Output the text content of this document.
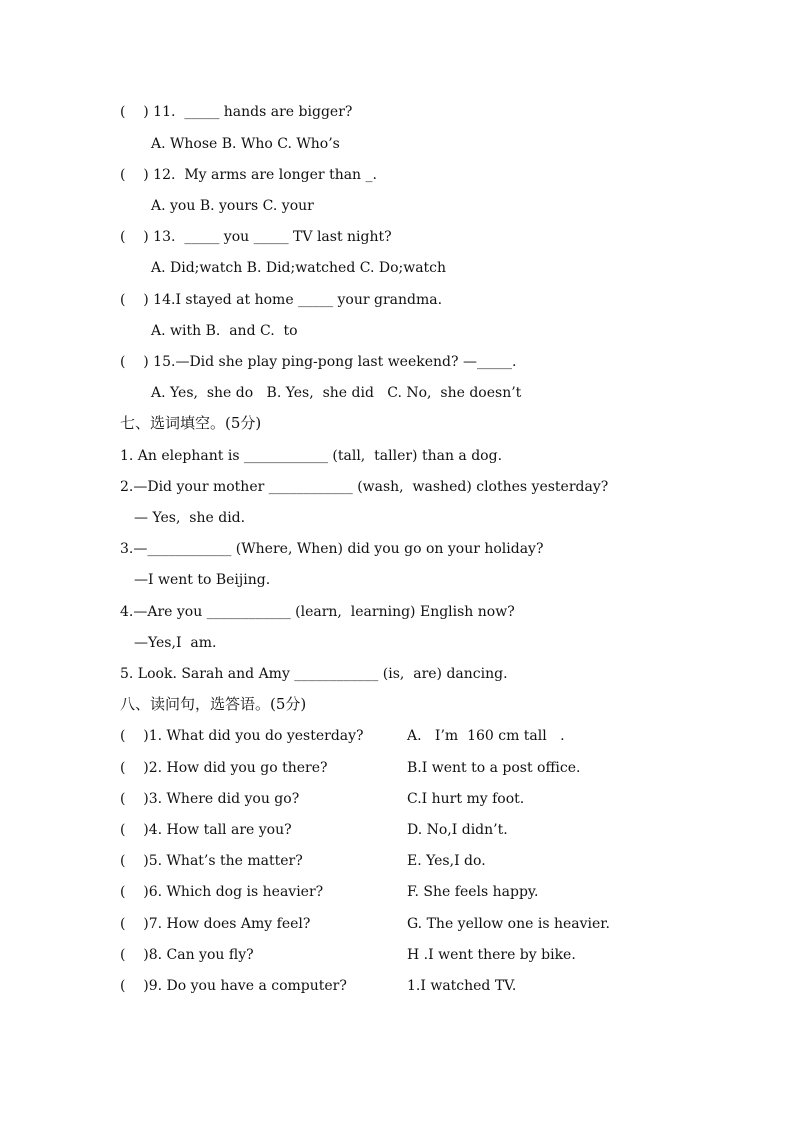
(    ) 11.  _____ hands are bigger?
A. Whose B. Who C. Who’s
(    ) 12.  My arms are longer than _.
A. you B. yours C. your
(    ) 13.  _____ you _____ TV last night?
A. Did;watch B. Did;watched C. Do;watch
(    ) 14.I stayed at home _____ your grandma.
A. with B.  and C.  to
(    ) 15.—Did she play ping-pong last weekend? —_____.
A. Yes,  she do   B. Yes,  she did   C. No,  she doesn’t
七、选词填空。(5分)
1. An elephant is ____________ (tall,  taller) than a dog.
2.—Did your mother ____________ (wash,  washed) clothes yesterday?
— Yes,  she did.
3.—____________ (Where, When) did you go on your holiday?
—I went to Beijing.
4.—Are you ____________ (learn,  learning) English now?
—Yes,I  am.
5. Look. Sarah and Amy ____________ (is,  are) dancing.
八、读问句，选答语。(5分)
(    )1. What did you do yesterday?	A.   I’m  160 cm tall   .
(    )2. How did you go there?	B.I went to a post office.
(    )3. Where did you go?	C.I hurt my foot.
(    )4. How tall are you?	D. No,I didn’t.
(    )5. What’s the matter?	E. Yes,I do.
(    )6. Which dog is heavier?	F. She feels happy.
(    )7. How does Amy feel?	G. The yellow one is heavier.
(    )8. Can you fly?	H .I went there by bike.
(    )9. Do you have a computer?	1.I watched TV.
